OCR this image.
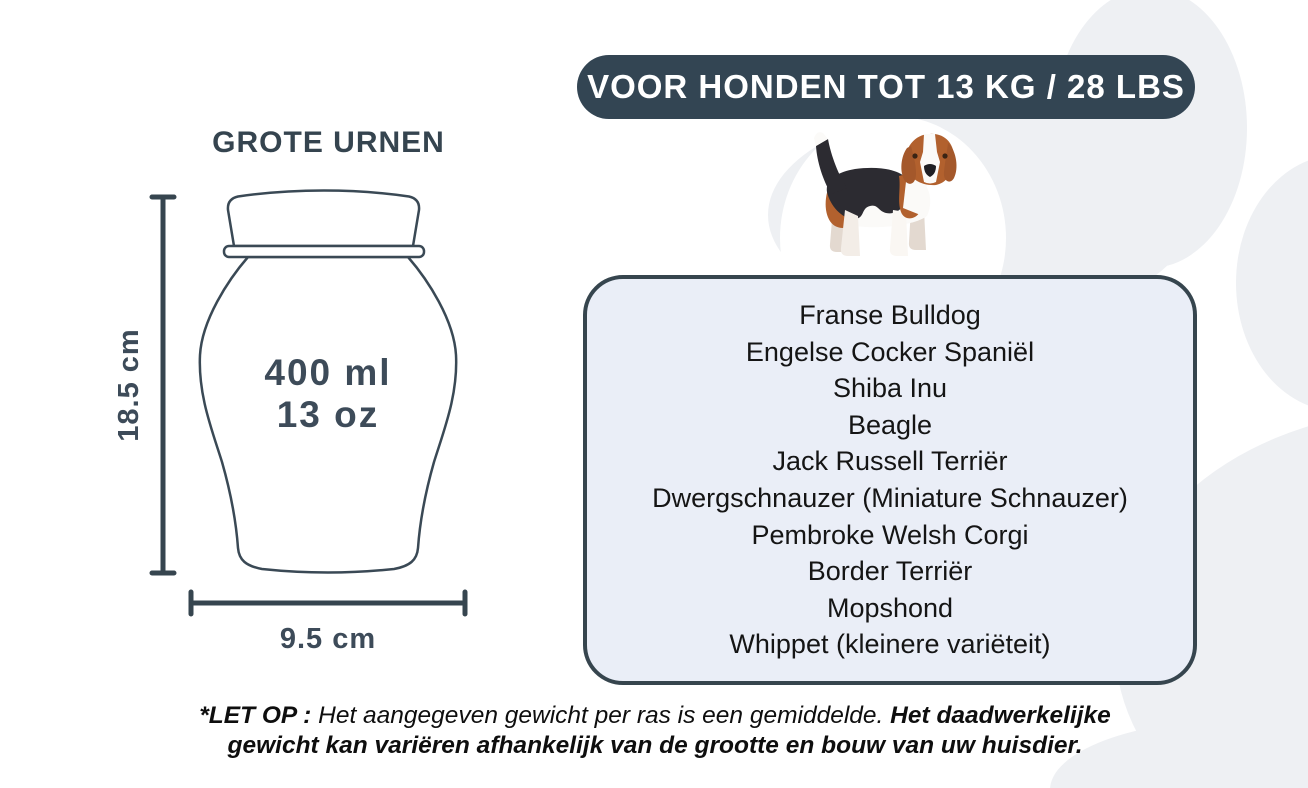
VOOR HONDEN TOT 13 KG / 28 LBS
GROTE URNEN
18.5 cm
9.5 cm
400 ml
13 oz
Franse Bulldog
Engelse Cocker Spaniël
Shiba Inu
Beagle
Jack Russell Terriër
Dwergschnauzer (Miniature Schnauzer)
Pembroke Welsh Corgi
Border Terriër
Mopshond
Whippet (kleinere variëteit)
*LET OP : Het aangegeven gewicht per ras is een gemiddelde. Het daadwerkelijke gewicht kan variëren afhankelijk van de grootte en bouw van uw huisdier.
